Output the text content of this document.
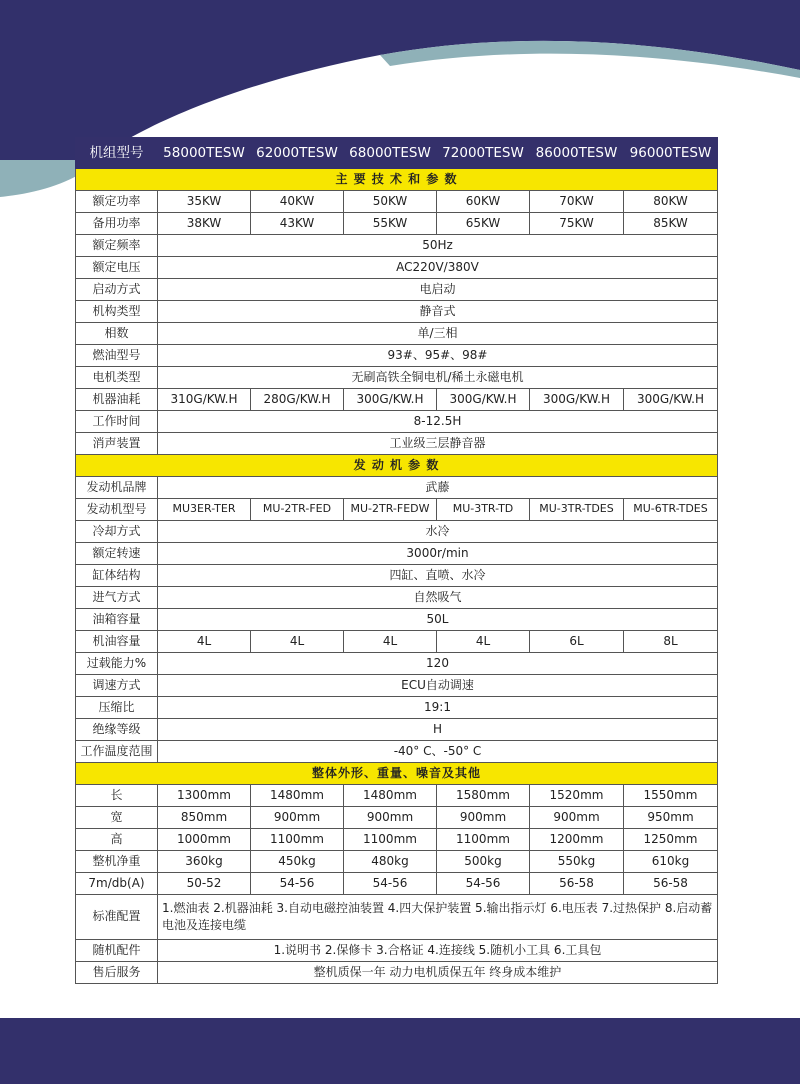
机组型号	58000TESW	62000TESW	68000TESW	72000TESW	86000TESW	96000TESW
主 要 技 术 和 参 数						
额定功率	35KW	40KW	50KW	60KW	70KW	80KW
备用功率	38KW	43KW	55KW	65KW	75KW	85KW
额定频率	50Hz					
额定电压	AC220V/380V					
启动方式	电启动					
机构类型	静音式					
相数	单/三相					
燃油型号	93#、95#、98#					
电机类型	无刷高铁全铜电机/稀土永磁电机					
机器油耗	310G/KW.H	280G/KW.H	300G/KW.H	300G/KW.H	300G/KW.H	300G/KW.H
工作时间	8-12.5H					
消声装置	工业级三层静音器					
发 动 机 参 数						
发动机品牌	武藤					
发动机型号	MU3ER-TER	MU-2TR-FED	MU-2TR-FEDW	MU-3TR-TD	MU-3TR-TDES	MU-6TR-TDES
冷却方式	水冷					
额定转速	3000r/min					
缸体结构	四缸、直喷、水冷					
进气方式	自然吸气					
油箱容量	50L					
机油容量	4L	4L	4L	4L	6L	8L
过载能力%	120					
调速方式	ECU自动调速					
压缩比	19:1					
绝缘等级	H					
工作温度范围	-40° C、-50° C					
整体外形、重量、噪音及其他						
长	1300mm	1480mm	1480mm	1580mm	1520mm	1550mm
宽	850mm	900mm	900mm	900mm	900mm	950mm
高	1000mm	1100mm	1100mm	1100mm	1200mm	1250mm
整机净重	360kg	450kg	480kg	500kg	550kg	610kg
7m/db(A)	50-52	54-56	54-56	54-56	56-58	56-58
标准配置	1.燃油表 2.机器油耗 3.自动电磁控油装置 4.四大保护装置 5.输出指示灯 6.电压表 7.过热保护 8.启动蓄电池及连接电缆					
随机配件	1.说明书 2.保修卡 3.合格证 4.连接线 5.随机小工具 6.工具包					
售后服务	整机质保一年 动力电机质保五年 终身成本维护					
